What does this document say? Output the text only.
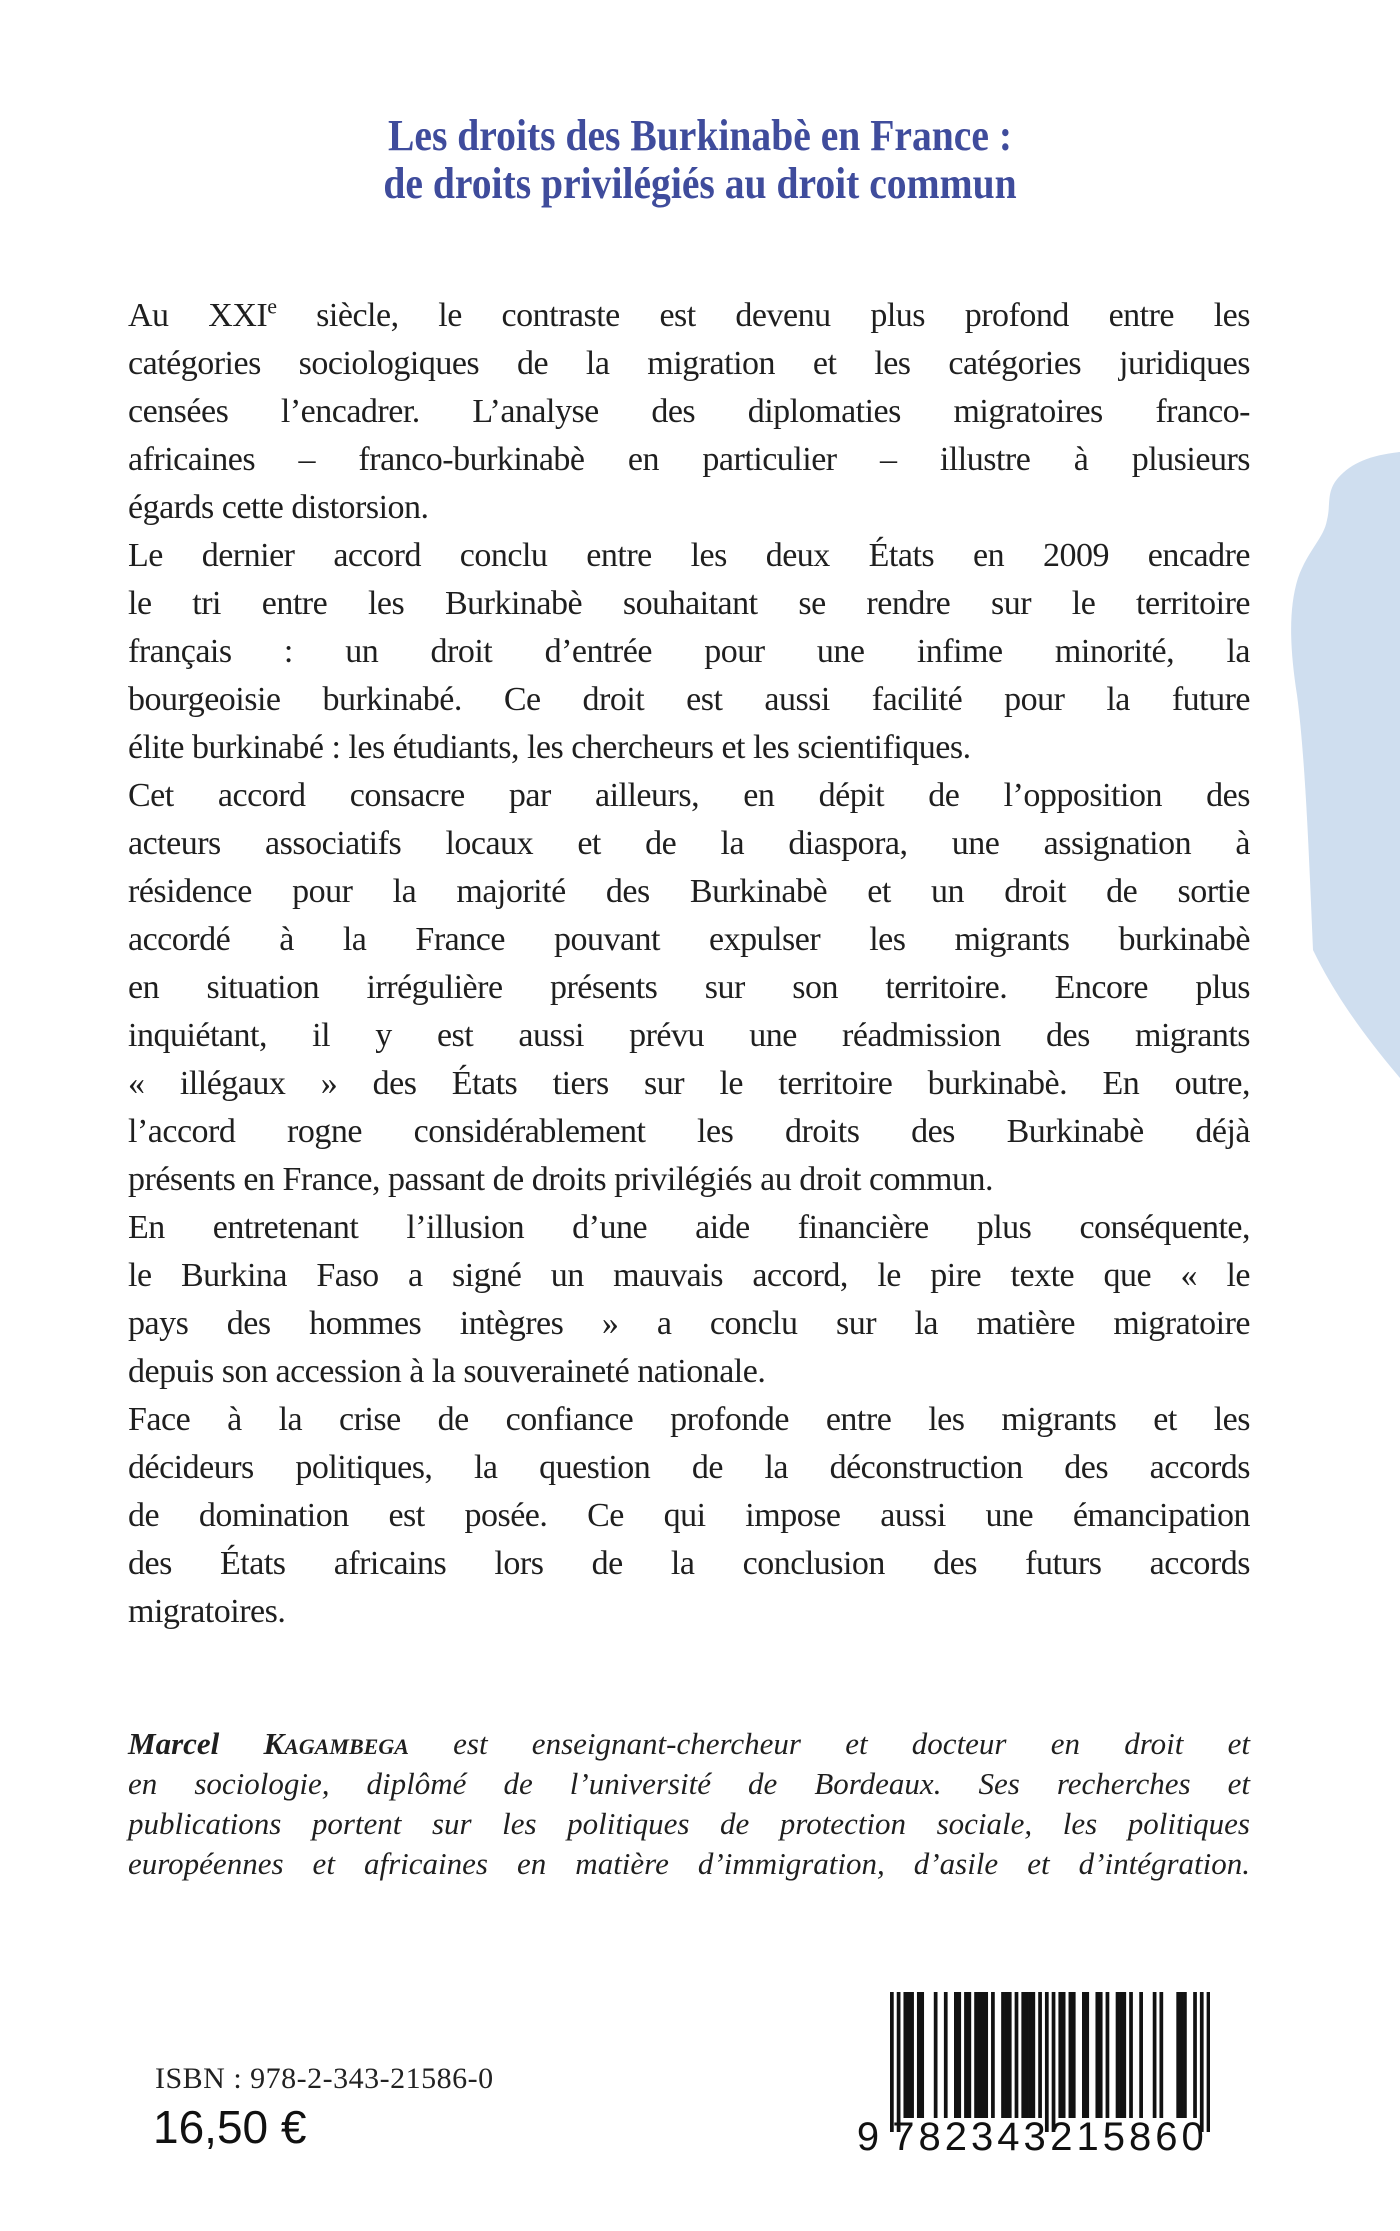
Les droits des Burkinabè en France :
de droits privilégiés au droit commun
Au XXIe siècle, le contraste est devenu plus profond entre les
catégories sociologiques de la migration et les catégories juridiques
censées l’encadrer. L’analyse des diplomaties migratoires franco-
africaines – franco-burkinabè en particulier – illustre à plusieurs
égards cette distorsion.
Le dernier accord conclu entre les deux États en 2009 encadre
le tri entre les Burkinabè souhaitant se rendre sur le territoire
français : un droit d’entrée pour une infime minorité, la
bourgeoisie burkinabé. Ce droit est aussi facilité pour la future
élite burkinabé : les étudiants, les chercheurs et les scientifiques.
Cet accord consacre par ailleurs, en dépit de l’opposition des
acteurs associatifs locaux et de la diaspora, une assignation à
résidence pour la majorité des Burkinabè et un droit de sortie
accordé à la France pouvant expulser les migrants burkinabè
en situation irrégulière présents sur son territoire. Encore plus
inquiétant, il y est aussi prévu une réadmission des migrants
« illégaux » des États tiers sur le territoire burkinabè. En outre,
l’accord rogne considérablement les droits des Burkinabè déjà
présents en France, passant de droits privilégiés au droit commun.
En entretenant l’illusion d’une aide financière plus conséquente,
le Burkina Faso a signé un mauvais accord, le pire texte que « le
pays des hommes intègres » a conclu sur la matière migratoire
depuis son accession à la souveraineté nationale.
Face à la crise de confiance profonde entre les migrants et les
décideurs politiques, la question de la déconstruction des accords
de domination est posée. Ce qui impose aussi une émancipation
des États africains lors de la conclusion des futurs accords
migratoires.
Marcel Kagambega est enseignant-chercheur et docteur en droit et
en sociologie, diplômé de l’université de Bordeaux. Ses recherches et
publications portent sur les politiques de protection sociale, les politiques
européennes et africaines en matière d’immigration, d’asile et d’intégration.
ISBN : 978-2-343-21586-0
16,50 €	9 782343 215860
